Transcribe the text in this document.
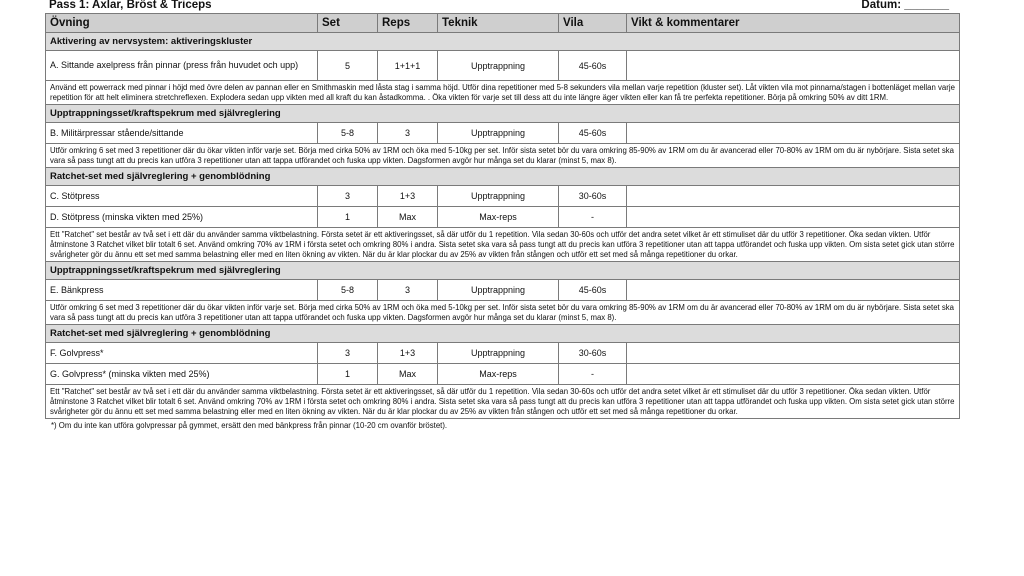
Pass 1: Axlar, Bröst & Triceps	Datum: _______
Övning	Set	Reps	Teknik	Vila	Vikt & kommentarer
Aktivering av nervsystem: aktiveringskluster					
A. Sittande axelpress från pinnar (press från huvudet och upp)	5	1+1+1	Upptrappning	45-60s	
Använd ett powerrack med pinnar i höjd med övre delen av pannan eller en Smithmaskin med låsta stag i samma höjd. Utför dina repetitioner med 5-8 sekunders vila mellan varje repetition (kluster set). Låt vikten vila mot pinnarna/stagen i bottenläget mellan varje repetition för att helt eliminera stretchreflexen. Explodera sedan upp vikten med all kraft du kan åstadkomma. . Öka vikten för varje set till dess att du inte längre äger vikten eller kan få tre perfekta repetitioner. Börja på omkring 50% av ditt 1RM.					
Upptrappningsset/kraftspekrum med självreglering					
B. Militärpressar stående/sittande	5-8	3	Upptrappning	45-60s	
Utför omkring 6 set med 3 repetitioner där du ökar vikten inför varje set. Börja med cirka 50% av 1RM och öka med 5-10kg per set. Inför sista setet bör du vara omkring 85-90% av 1RM om du är avancerad eller 70-80% av 1RM om du är nybörjare. Sista setet ska vara så pass tungt att du precis kan utföra 3 repetitioner utan att tappa utförandet och fuska upp vikten. Dagsformen avgör hur många set du klarar (minst 5, max 8).					
Ratchet-set med självreglering + genomblödning					
C. Stötpress	3	1+3	Upptrappning	30-60s	
D. Stötpress (minska vikten med 25%)	1	Max	Max-reps	-	
Ett "Ratchet" set består av två set i ett där du använder samma viktbelastning. Första setet är ett aktiveringsset, så där utför du 1 repetition. Vila sedan 30-60s och utför det andra setet vilket är ett stimuliset där du utför 3 repetitioner. Öka sedan vikten. Utför åtminstone 3 Ratchet vilket blir totalt 6 set. Använd omkring 70% av 1RM i första setet och omkring 80% i andra. Sista setet ska vara så pass tungt att du precis kan utföra 3 repetitioner utan att tappa utförandet och fuska upp vikten. Om sista setet gick utan större svårigheter gör du ännu ett set med samma belastning eller med en liten ökning av vikten. När du är klar plockar du av 25% av vikten från stången och utför ett set med så många repetitioner du orkar.					
Upptrappningsset/kraftspekrum med självreglering					
E. Bänkpress	5-8	3	Upptrappning	45-60s	
Utför omkring 6 set med 3 repetitioner där du ökar vikten inför varje set. Börja med cirka 50% av 1RM och öka med 5-10kg per set. Inför sista setet bör du vara omkring 85-90% av 1RM om du är avancerad eller 70-80% av 1RM om du är nybörjare. Sista setet ska vara så pass tungt att du precis kan utföra 3 repetitioner utan att tappa utförandet och fuska upp vikten. Dagsformen avgör hur många set du klarar (minst 5, max 8).					
Ratchet-set med självreglering + genomblödning					
F. Golvpress*	3	1+3	Upptrappning	30-60s	
G. Golvpress* (minska vikten med 25%)	1	Max	Max-reps	-	
Ett "Ratchet" set består av två set i ett där du använder samma viktbelastning. Första setet är ett aktiveringsset, så där utför du 1 repetition. Vila sedan 30-60s och utför det andra setet vilket är ett stimuliset där du utför 3 repetitioner. Öka sedan vikten. Utför åtminstone 3 Ratchet vilket blir totalt 6 set. Använd omkring 70% av 1RM i första setet och omkring 80% i andra. Sista setet ska vara så pass tungt att du precis kan utföra 3 repetitioner utan att tappa utförandet och fuska upp vikten. Om sista setet gick utan större svårigheter gör du ännu ett set med samma belastning eller med en liten ökning av vikten. När du är klar plockar du av 25% av vikten från stången och utför ett set med så många repetitioner du orkar.					
*) Om du inte kan utföra golvpressar på gymmet, ersätt den med bänkpress från pinnar (10-20 cm ovanför bröstet).
